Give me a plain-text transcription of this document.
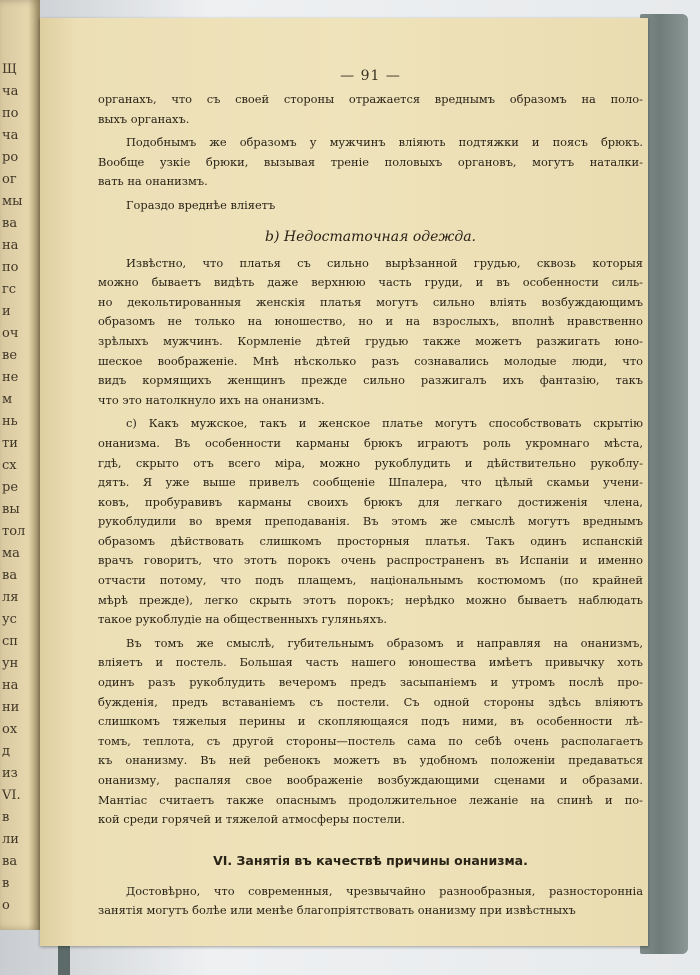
Щ
ча
по
ча
ро
ог
мы
ва
на
по
гс
и
оч
ве
не
м
нь
ти
сх
ре
вы
тол
ма
ва
ля
ус
сп
ун
на
ни
ох
д
из
VI.
в
ли
ва
в
о
— 91 —
органахъ, что съ своей стороны отражается вреднымъ образомъ на поло-
выхъ органахъ.
Подобнымъ же образомъ у мужчинъ вліяють подтяжки и поясъ брюкъ.
Вообще узкіе брюки, вызывая треніе половыхъ органовъ, могутъ наталки-
вать на онанизмъ.
Гораздо вреднѣе вліяетъ
b) Недостаточная одежда.
Извѣстно, что платья съ сильно вырѣзанной грудью, сквозь которыя
можно бываетъ видѣть даже верхнюю часть груди, и въ особенности силь-
но декольтированныя женскія платья могутъ сильно вліять возбуждающимъ
образомъ не только на юношество, но и на взрослыхъ, вполнѣ нравственно
зрѣлыхъ мужчинъ. Кормленіе дѣтей грудью также можетъ разжигать юно-
шеское воображеніе. Мнѣ нѣсколько разъ сознавались молодые люди, что
видъ кормящихъ женщинъ прежде сильно разжигалъ ихъ фантазію, такъ
что это натолкнуло ихъ на онанизмъ.
c) Какъ мужское, такъ и женское платье могутъ способствовать скрытію
онанизма. Въ особенности карманы брюкъ играютъ роль укромнаго мѣста,
гдѣ, скрыто отъ всего міра, можно рукоблудить и дѣйствительно рукоблу-
дятъ. Я уже выше привелъ сообщеніе Шпалера, что цѣлый скамьи учени-
ковъ, пробуравивъ карманы своихъ брюкъ для легкаго достиженія члена,
рукоблудили во время преподаванія. Въ этомъ же смыслѣ могутъ вреднымъ
образомъ дѣйствовать слишкомъ просторныя платья. Такъ одинъ испанскій
врачъ говоритъ, что этотъ порокъ очень распространенъ въ Испаніи и именно
отчасти потому, что подъ плащемъ, національнымъ костюмомъ (по крайней
мѣрѣ прежде), легко скрыть этотъ порокъ; нерѣдко можно бываетъ наблюдать
такое рукоблудіе на общественныхъ гуляньяхъ.
Въ томъ же смыслѣ, губительнымъ образомъ и направляя на онанизмъ,
вліяетъ и постель. Большая часть нашего юношества имѣетъ привычку хоть
одинъ разъ рукоблудить вечеромъ предъ засыпаніемъ и утромъ послѣ про-
бужденія, предъ вставаніемъ съ постели. Съ одной стороны здѣсь вліяютъ
слишкомъ тяжелыя перины и скопляющаяся подъ ними, въ особенности лѣ-
томъ, теплота, съ другой стороны—постель сама по себѣ очень располагаетъ
къ онанизму. Въ ней ребенокъ можетъ въ удобномъ положеніи предаваться
онанизму, распаляя свое воображеніе возбуждающими сценами и образами.
Мантіас считаетъ также опаснымъ продолжительное лежаніе на спинѣ и по-
кой среди горячей и тяжелой атмосферы постели.
VI. Занятія въ качествѣ причины онанизма.
Достовѣрно, что современныя, чрезвычайно разнообразныя, разносторонніа
занятія могутъ болѣе или менѣе благопріятствовать онанизму при извѣстныхъ
